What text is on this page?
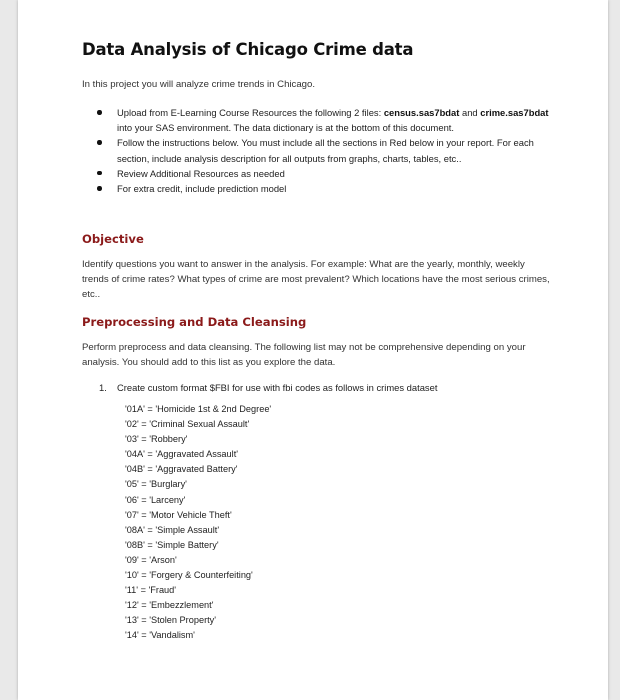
Data Analysis of Chicago Crime data

In this project you will analyze crime trends in Chicago.

Upload from E-Learning Course Resources the following 2 files: census.sas7bdat and crime.sas7bdat into your SAS environment. The data dictionary is at the bottom of this document.
Follow the instructions below. You must include all the sections in Red below in your report. For each section, include analysis description for all outputs from graphs, charts, tables, etc..
Review Additional Resources as needed
For extra credit, include prediction model
Objective

Identify questions you want to answer in the analysis. For example: What are the yearly, monthly, weekly trends of crime rates? What types of crime are most prevalent? Which locations have the most serious crimes, etc..

Preprocessing and Data Cleansing

Perform preprocess and data cleansing. The following list may not be comprehensive depending on your analysis. You should add to this list as you explore the data.

1. Create custom format $FBI for use with fbi codes as follows in crimes dataset
'01A' = 'Homicide 1st & 2nd Degree'
'02' = 'Criminal Sexual Assault'
'03' = 'Robbery'
'04A' = 'Aggravated Assault'
'04B' = 'Aggravated Battery'
'05' = 'Burglary'
'06' = 'Larceny'
'07' = 'Motor Vehicle Theft'
'08A' = 'Simple Assault'
'08B' = 'Simple Battery'
'09' = 'Arson'
'10' = 'Forgery & Counterfeiting'
'11' = 'Fraud'
'12' = 'Embezzlement'
'13' = 'Stolen Property'
'14' = 'Vandalism'
